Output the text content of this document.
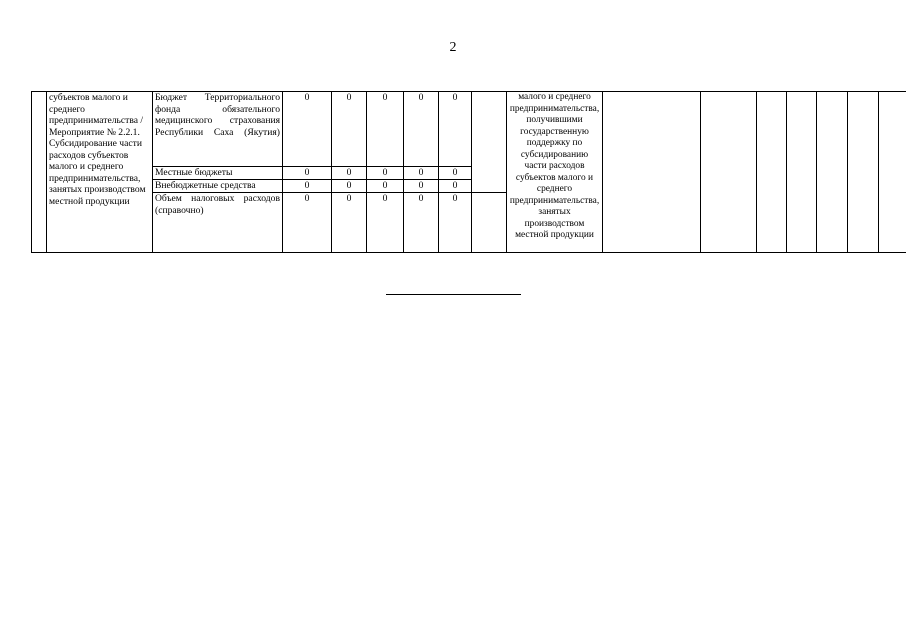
2
	субъектов малого и среднего предпринимательства / Мероприятие № 2.2.1. Субсидирование части расходов субъектов малого и среднего предпринимательства, занятых производством местной продукции	Бюджет Территориального фонда обязательного медицинского страхования Республики Саха (Якутия)	0	0	0	0	0		малого и среднего предпринимательства, получившими государственную поддержку по субсидированию части расходов субъектов малого и среднего предпринимательства, занятых производством местной продукции							
		Местные бюджеты	0	0	0	0	0									
		Внебюджетные средства	0	0	0	0	0									
		Объем налоговых расходов (справочно)	0	0	0	0	0									
